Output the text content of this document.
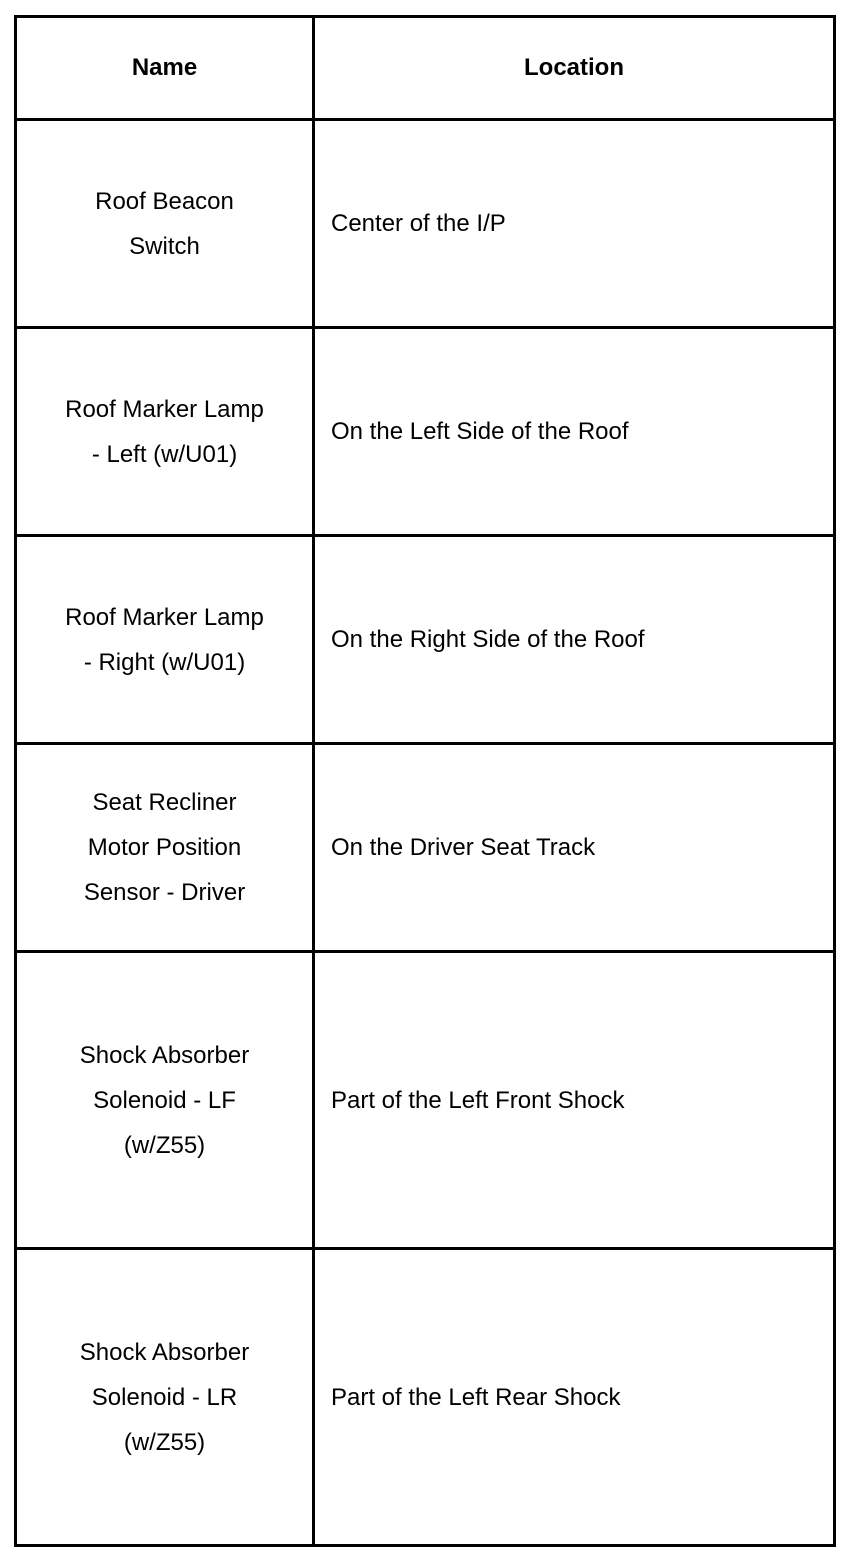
Name	Location

Roof Beacon
Switch	Center of the I/P

Roof Marker Lamp
- Left (w/U01)	On the Left Side of the Roof

Roof Marker Lamp
- Right (w/U01)	On the Right Side of the Roof

Seat Recliner
Motor Position
Sensor - Driver	On the Driver Seat Track

Shock Absorber
Solenoid - LF
(w/Z55)	Part of the Left Front Shock

Shock Absorber
Solenoid - LR
(w/Z55)	Part of the Left Rear Shock
